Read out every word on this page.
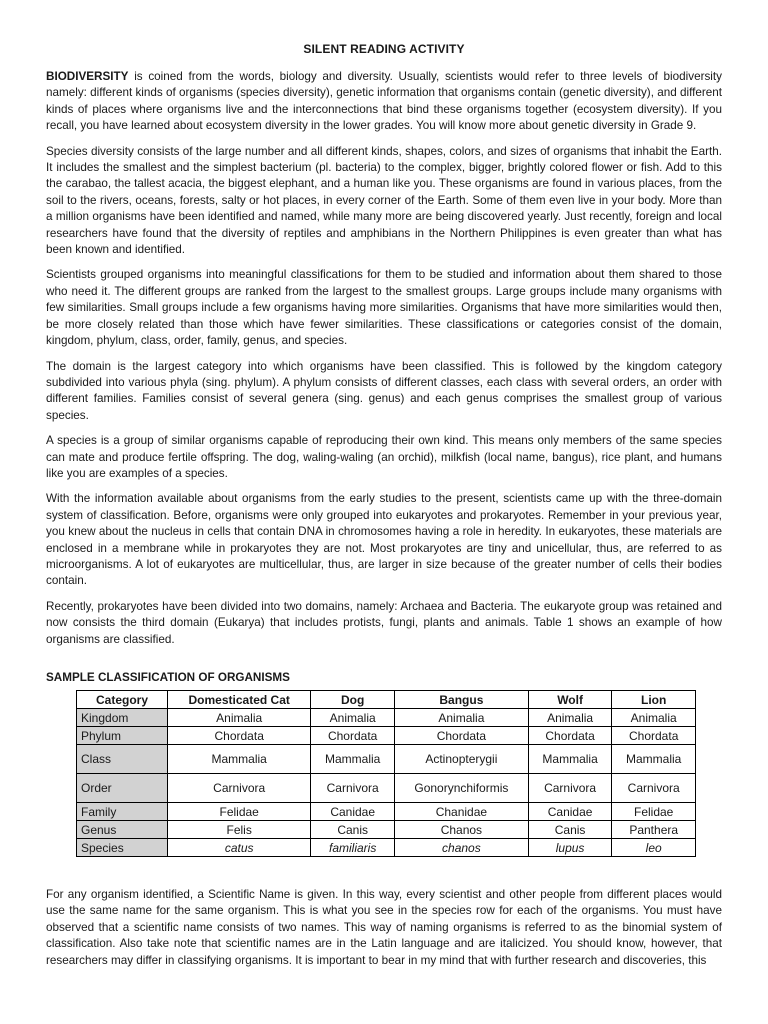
SILENT READING ACTIVITY

BIODIVERSITY is coined from the words, biology and diversity. Usually, scientists would refer to three levels of biodiversity namely: different kinds of organisms (species diversity), genetic information that organisms contain (genetic diversity), and different kinds of places where organisms live and the interconnections that bind these organisms together (ecosystem diversity). If you recall, you have learned about ecosystem diversity in the lower grades. You will know more about genetic diversity in Grade 9.

Species diversity consists of the large number and all different kinds, shapes, colors, and sizes of organisms that inhabit the Earth. It includes the smallest and the simplest bacterium (pl. bacteria) to the complex, bigger, brightly colored flower or fish. Add to this the carabao, the tallest acacia, the biggest elephant, and a human like you. These organisms are found in various places, from the soil to the rivers, oceans, forests, salty or hot places, in every corner of the Earth. Some of them even live in your body. More than a million organisms have been identified and named, while many more are being discovered yearly. Just recently, foreign and local researchers have found that the diversity of reptiles and amphibians in the Northern Philippines is even greater than what has been known and identified.

Scientists grouped organisms into meaningful classifications for them to be studied and information about them shared to those who need it. The different groups are ranked from the largest to the smallest groups. Large groups include many organisms with few similarities. Small groups include a few organisms having more similarities. Organisms that have more similarities would then, be more closely related than those which have fewer similarities. These classifications or categories consist of the domain, kingdom, phylum, class, order, family, genus, and species.

The domain is the largest category into which organisms have been classified. This is followed by the kingdom category subdivided into various phyla (sing. phylum). A phylum consists of different classes, each class with several orders, an order with different families. Families consist of several genera (sing. genus) and each genus comprises the smallest group of various species.

A species is a group of similar organisms capable of reproducing their own kind. This means only members of the same species can mate and produce fertile offspring. The dog, waling-waling (an orchid), milkfish (local name, bangus), rice plant, and humans like you are examples of a species.

With the information available about organisms from the early studies to the present, scientists came up with the three-domain system of classification. Before, organisms were only grouped into eukaryotes and prokaryotes. Remember in your previous year, you knew about the nucleus in cells that contain DNA in chromosomes having a role in heredity. In eukaryotes, these materials are enclosed in a membrane while in prokaryotes they are not. Most prokaryotes are tiny and unicellular, thus, are referred to as microorganisms. A lot of eukaryotes are multicellular, thus, are larger in size because of the greater number of cells their bodies contain.

Recently, prokaryotes have been divided into two domains, namely: Archaea and Bacteria. The eukaryote group was retained and now consists the third domain (Eukarya) that includes protists, fungi, plants and animals. Table 1 shows an example of how organisms are classified.

SAMPLE CLASSIFICATION OF ORGANISMS
Category	Domesticated Cat	Dog	Bangus	Wolf	Lion
Kingdom	Animalia	Animalia	Animalia	Animalia	Animalia
Phylum	Chordata	Chordata	Chordata	Chordata	Chordata
Class	Mammalia	Mammalia	Actinopterygii	Mammalia	Mammalia
Order	Carnivora	Carnivora	Gonorynchiformis	Carnivora	Carnivora
Family	Felidae	Canidae	Chanidae	Canidae	Felidae
Genus	Felis	Canis	Chanos	Canis	Panthera
Species	catus	familiaris	chanos	lupus	leo

For any organism identified, a Scientific Name is given. In this way, every scientist and other people from different places would use the same name for the same organism. This is what you see in the species row for each of the organisms. You must have observed that a scientific name consists of two names. This way of naming organisms is referred to as the binomial system of classification. Also take note that scientific names are in the Latin language and are italicized. You should know, however, that researchers may differ in classifying organisms. It is important to bear in my mind that with further research and discoveries, this
